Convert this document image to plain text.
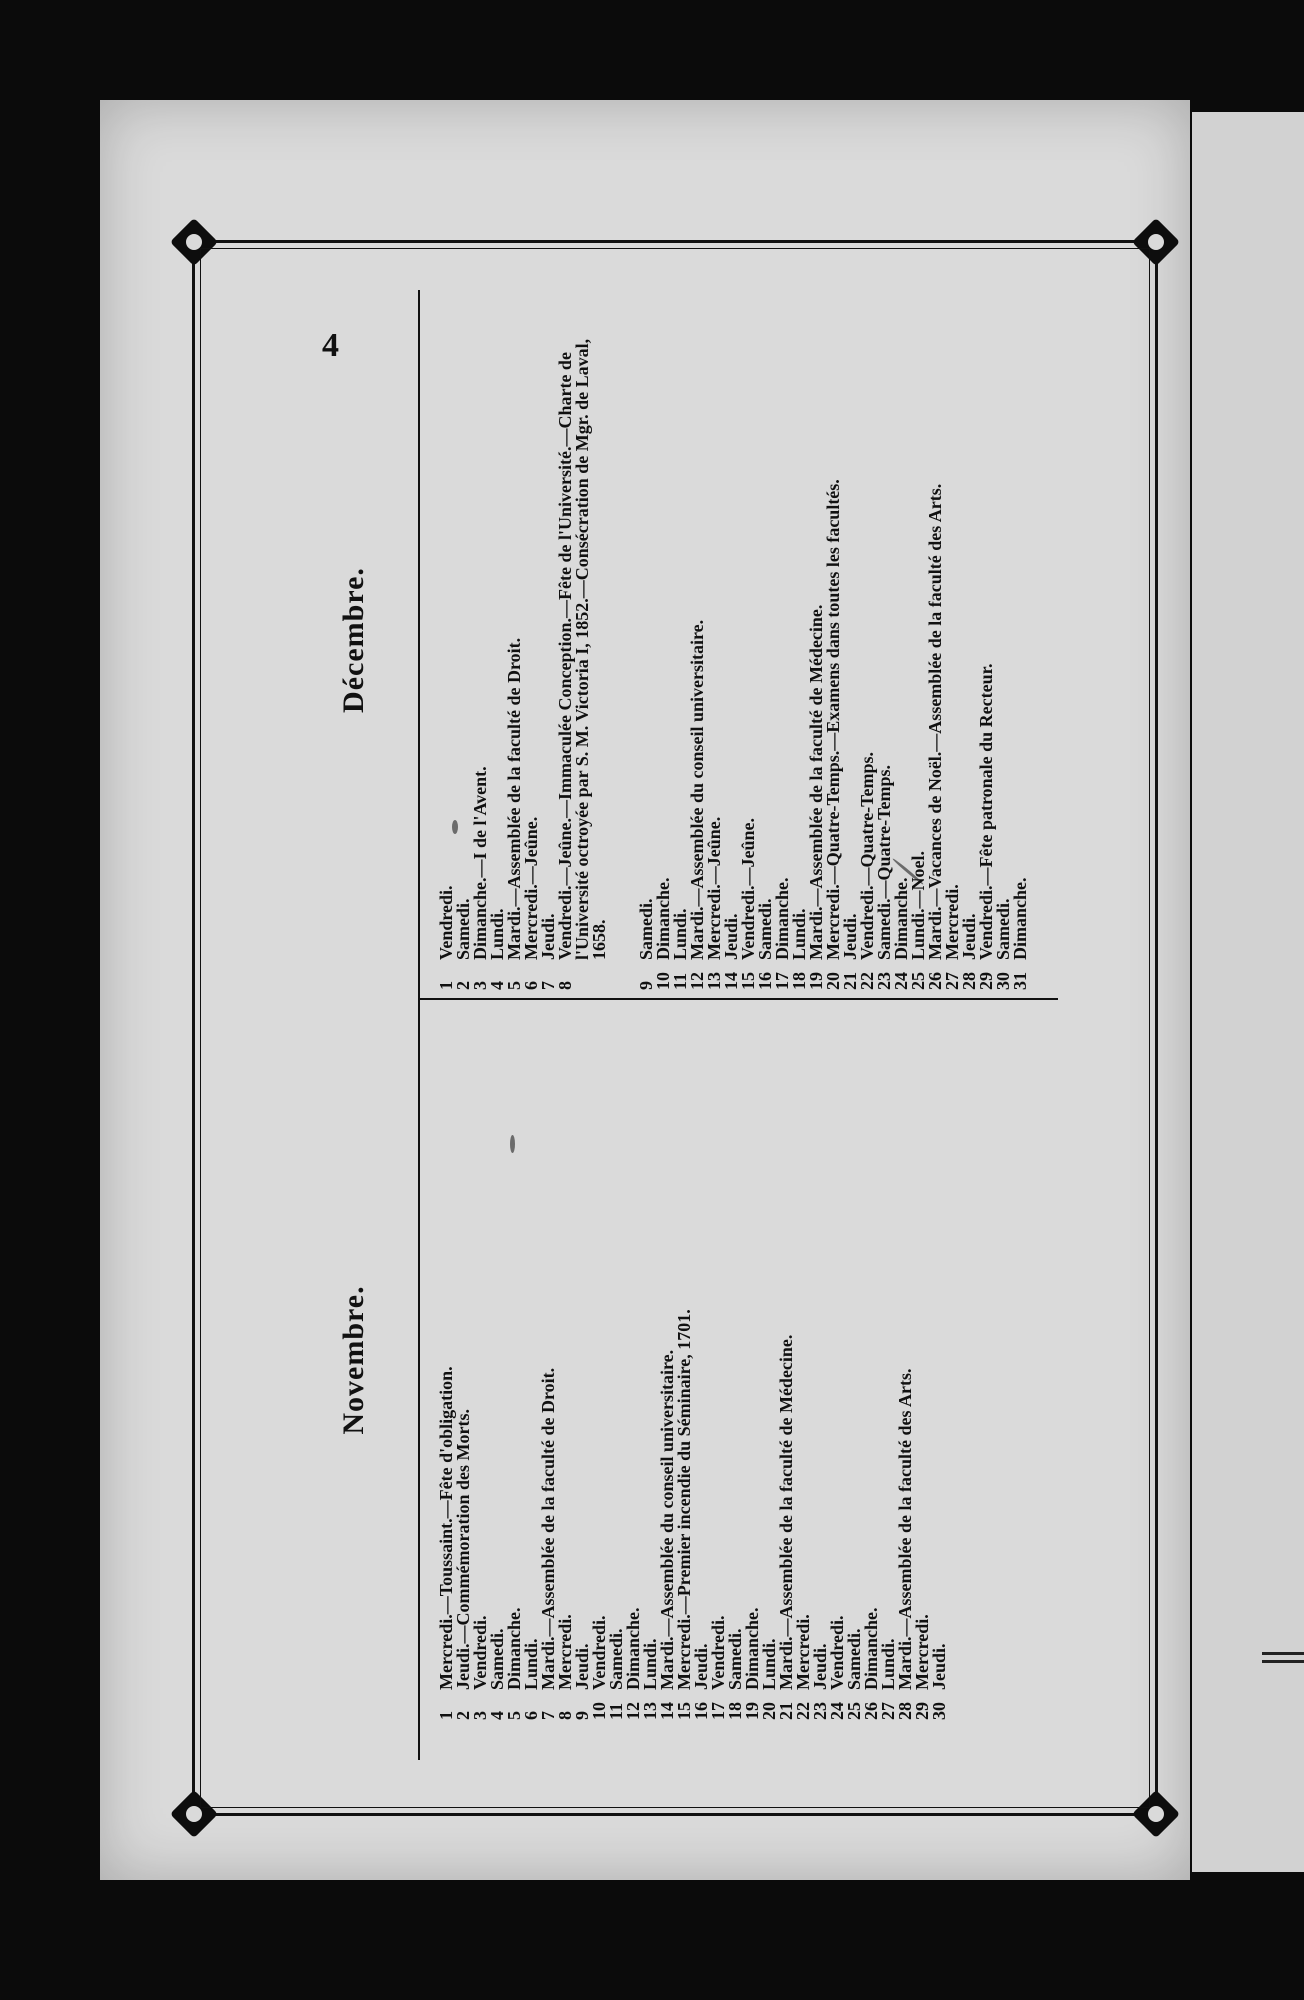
4
Novembre.
1
Mercredi.—Toussaint.—Fête d'obligation.
2
Jeudi.—Commémoration des Morts.
3
Vendredi.
4
Samedi.
5
Dimanche.
6
Lundi.
7
Mardi.—Assemblée de la faculté de Droit.
8
Mercredi.
9
Jeudi.
10
Vendredi.
11
Samedi.
12
Dimanche.
13
Lundi.
14
Mardi.—Assemblée du conseil universitaire.
15
Mercredi.—Premier incendie du Séminaire, 1701.
16
Jeudi.
17
Vendredi.
18
Samedi.
19
Dimanche.
20
Lundi.
21
Mardi.—Assemblée de la faculté de Médecine.
22
Mercredi.
23
Jeudi.
24
Vendredi.
25
Samedi.
26
Dimanche.
27
Lundi.
28
Mardi.—Assemblée de la faculté des Arts.
29
Mercredi.
30
Jeudi.
Décembre.
1
Vendredi.
2
Samedi.
3
Dimanche.—I de l'Avent.
4
Lundi.
5
Mardi.—Assemblée de la faculté de Droit.
6
Mercredi.—Jeûne.
7
Jeudi.
8
Vendredi.—Jeûne.—Immaculée Conception.—Fête de l'Université.—Charte de l'Université octroyée par S. M. Victoria I, 1852.—Consécration de Mgr. de Laval, 1658.
9
Samedi.
10
Dimanche.
11
Lundi.
12
Mardi.—Assemblée du conseil universitaire.
13
Mercredi.—Jeûne.
14
Jeudi.
15
Vendredi.—Jeûne.
16
Samedi.
17
Dimanche.
18
Lundi.
19
Mardi.—Assemblée de la faculté de Médecine.
20
Mercredi.—Quatre-Temps.—Examens dans toutes les facultés.
21
Jeudi.
22
Vendredi.—Quatre-Temps.
23
Samedi.—Quatre-Temps.
24
Dimanche.
25
Lundi.—Noel.
26
Mardi.—Vacances de Noël.—Assemblée de la faculté des Arts.
27
Mercredi.
28
Jeudi.
29
Vendredi.—Fête patronale du Recteur.
30
Samedi.
31
Dimanche.
